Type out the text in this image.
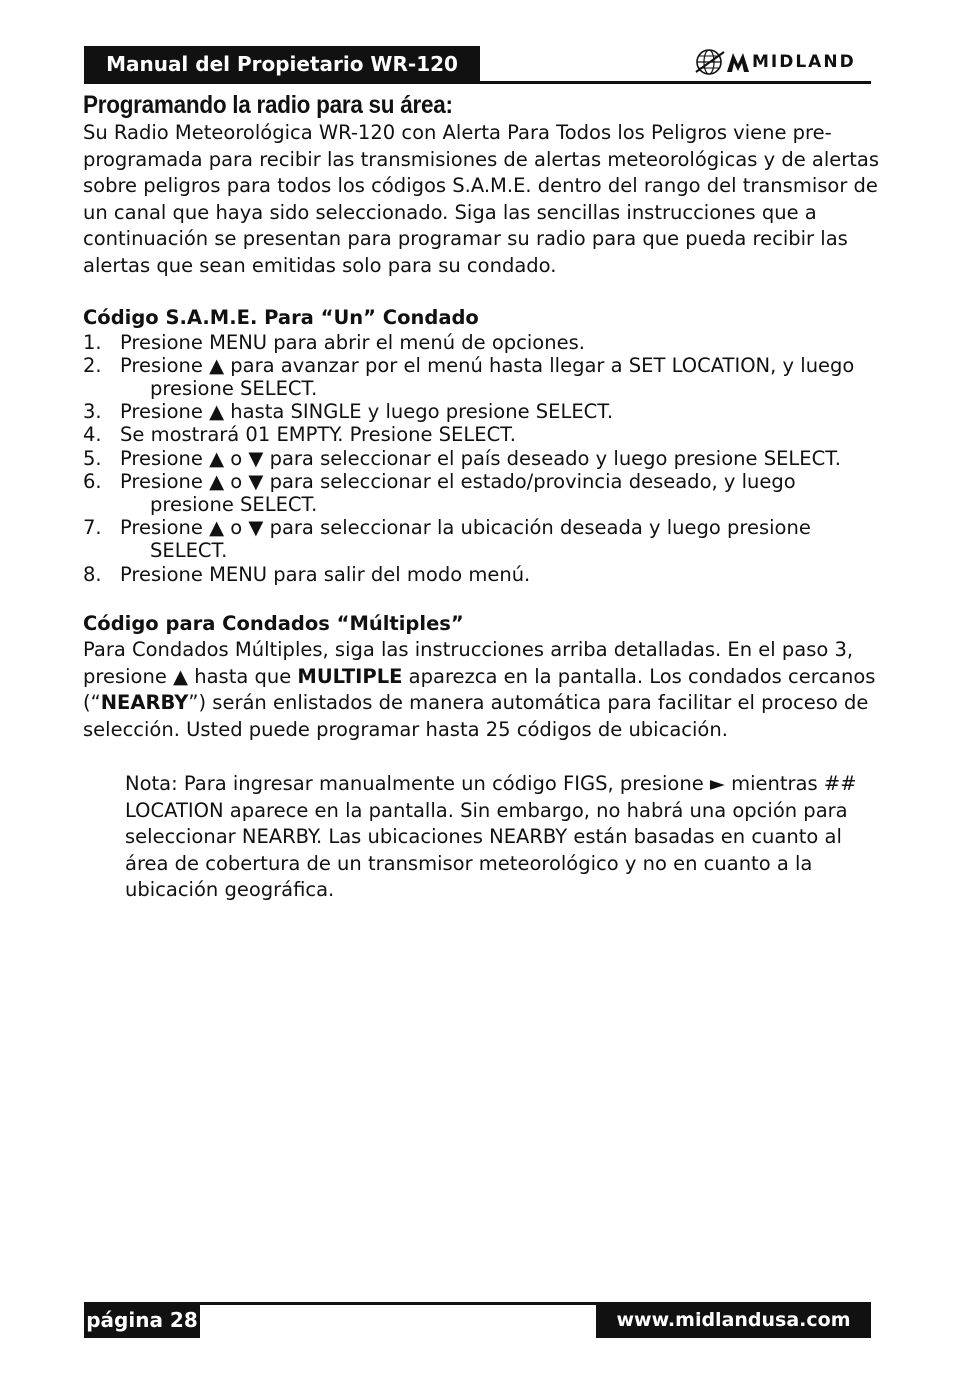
Manual del Propietario WR-120	MIDLAND
Programando la radio para su área:

Su Radio Meteorológica WR-120 con Alerta Para Todos los Peligros viene pre-programada para recibir las transmisiones de alertas meteorológicas y de alertas sobre peligros para todos los códigos S.A.M.E. dentro del rango del transmisor de un canal que haya sido seleccionado. Siga las sencillas instrucciones que a continuación se presentan para programar su radio para que pueda recibir las alertas que sean emitidas solo para su condado.

Código S.A.M.E. Para “Un” Condado
1. Presione MENU para abrir el menú de opciones.
2. Presione ▲ para avanzar por el menú hasta llegar a SET LOCATION, y luego
presione SELECT.
3. Presione ▲ hasta SINGLE y luego presione SELECT.
4. Se mostrará 01 EMPTY. Presione SELECT.
5. Presione ▲ o ▼ para seleccionar el país deseado y luego presione SELECT.
6. Presione ▲ o ▼ para seleccionar el estado/provincia deseado, y luego
presione SELECT.
7. Presione ▲ o ▼ para seleccionar la ubicación deseada y luego presione
SELECT.
8. Presione MENU para salir del modo menú.
Código para Condados “Múltiples”

Para Condados Múltiples, siga las instrucciones arriba detalladas. En el paso 3, presione ▲ hasta que MULTIPLE aparezca en la pantalla. Los condados cercanos (“NEARBY”) serán enlistados de manera automática para facilitar el proceso de selección. Usted puede programar hasta 25 códigos de ubicación.

Nota: Para ingresar manualmente un código FIGS, presione ► mientras ## LOCATION aparece en la pantalla. Sin embargo, no habrá una opción para seleccionar NEARBY. Las ubicaciones NEARBY están basadas en cuanto al área de cobertura de un transmisor meteorológico y no en cuanto a la ubicación geográfica.

página 28	www.midlandusa.com
